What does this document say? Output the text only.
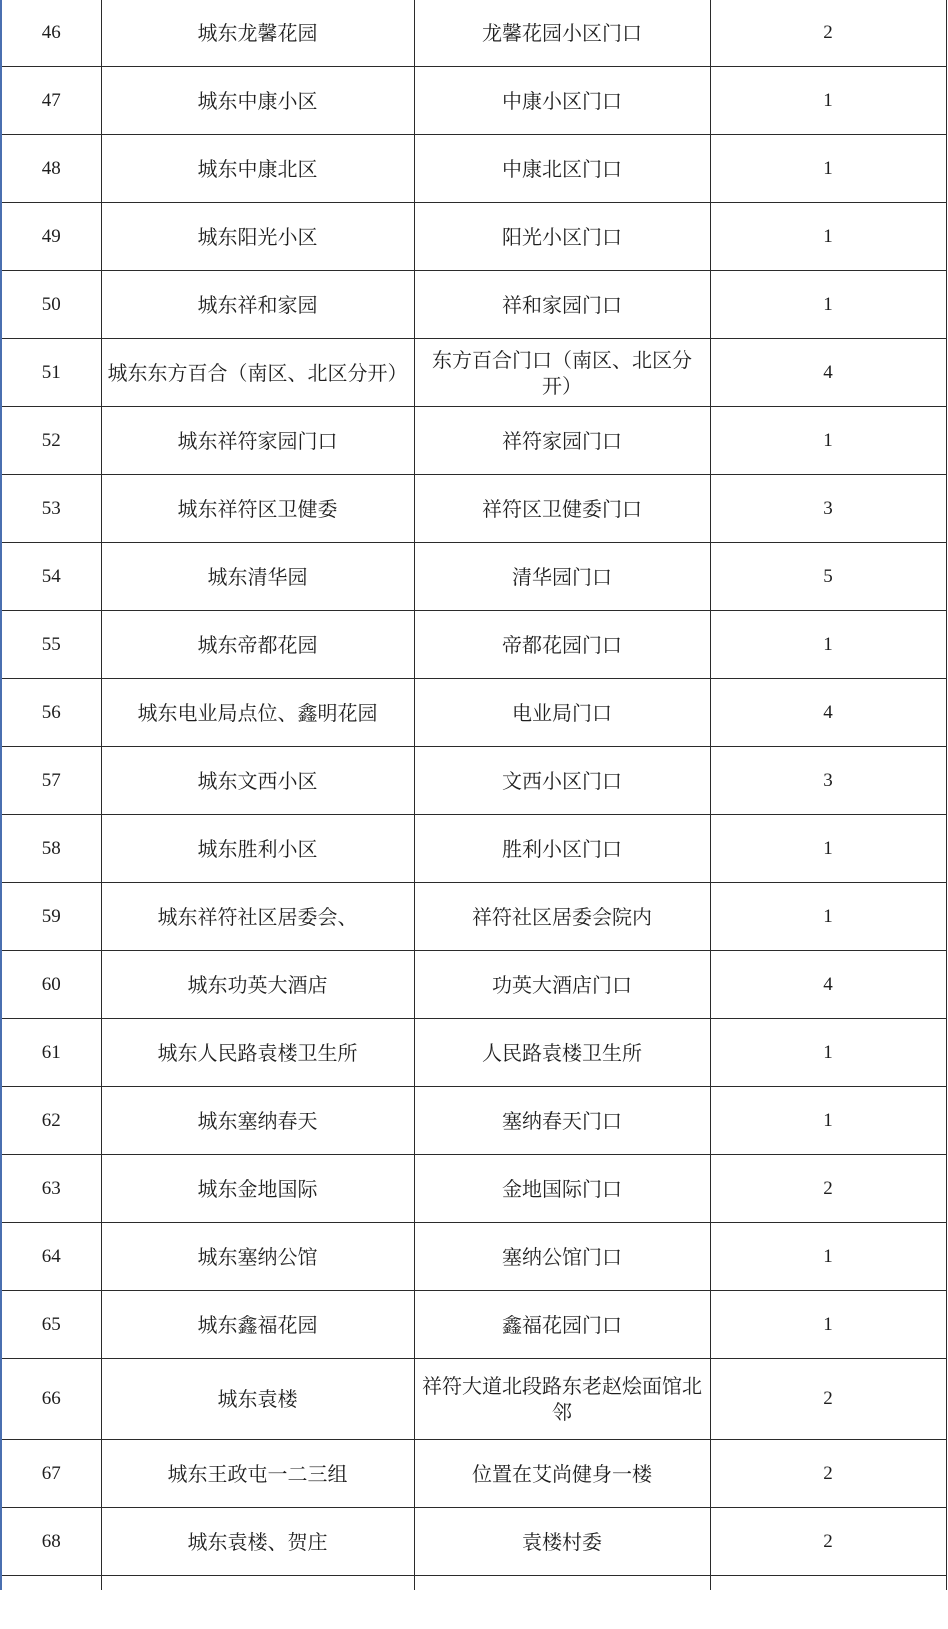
46	城东龙馨花园	龙馨花园小区门口	2
47	城东中康小区	中康小区门口	1
48	城东中康北区	中康北区门口	1
49	城东阳光小区	阳光小区门口	1
50	城东祥和家园	祥和家园门口	1
51	城东东方百合（南区、北区分开）	东方百合门口（南区、北区分开）	4
52	城东祥符家园门口	祥符家园门口	1
53	城东祥符区卫健委	祥符区卫健委门口	3
54	城东清华园	清华园门口	5
55	城东帝都花园	帝都花园门口	1
56	城东电业局点位、鑫明花园	电业局门口	4
57	城东文西小区	文西小区门口	3
58	城东胜利小区	胜利小区门口	1
59	城东祥符社区居委会、	祥符社区居委会院内	1
60	城东功英大酒店	功英大酒店门口	4
61	城东人民路袁楼卫生所	人民路袁楼卫生所	1
62	城东塞纳春天	塞纳春天门口	1
63	城东金地国际	金地国际门口	2
64	城东塞纳公馆	塞纳公馆门口	1
65	城东鑫福花园	鑫福花园门口	1
66	城东袁楼	祥符大道北段路东老赵烩面馆北邻	2
67	城东王政屯一二三组	位置在艾尚健身一楼	2
68	城东袁楼、贺庄	袁楼村委	2
